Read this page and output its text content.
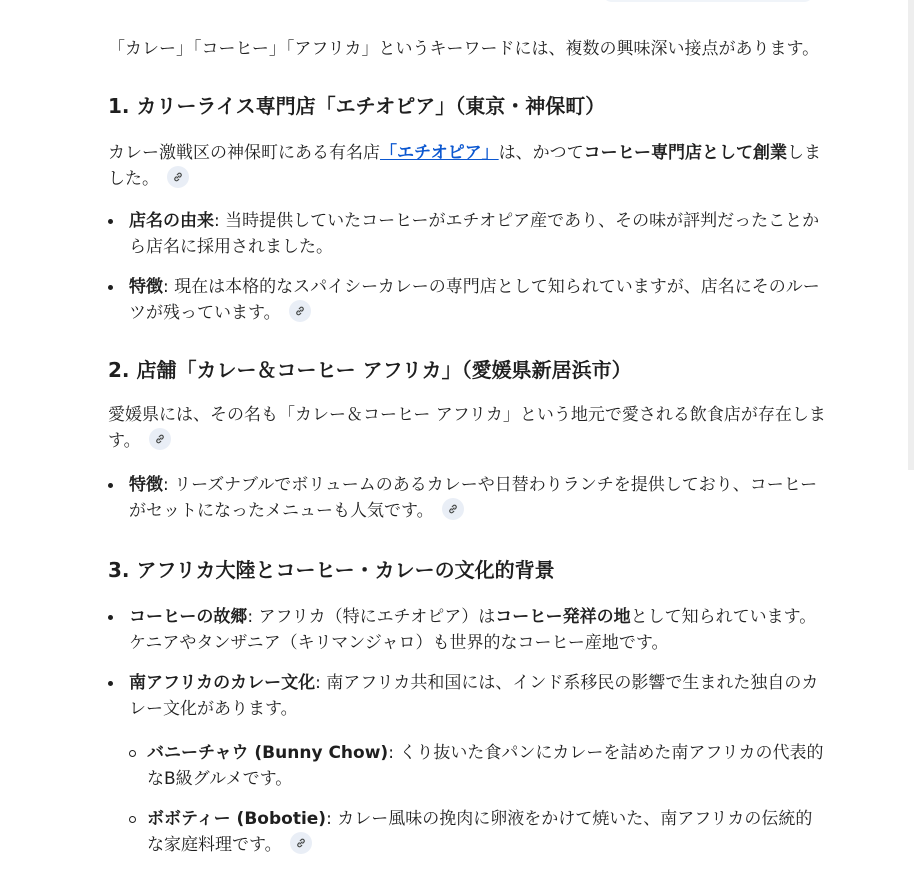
「カレー」「コーヒー」「アフリカ」というキーワードには、複数の興味深い接点があります。

1. カリーライス専門店「エチオピア」（東京・神保町）

カレー激戦区の神保町にある有名店「エチオピア」は、かつてコーヒー専門店として創業しました。

店名の由来: 当時提供していたコーヒーがエチオピア産であり、その味が評判だったことから店名に採用されました。
特徴: 現在は本格的なスパイシーカレーの専門店として知られていますが、店名にそのルーツが残っています。
2. 店舗「カレー＆コーヒー アフリカ」（愛媛県新居浜市）

愛媛県には、その名も「カレー＆コーヒー アフリカ」という地元で愛される飲食店が存在します。

特徴: リーズナブルでボリュームのあるカレーや日替わりランチを提供しており、コーヒーがセットになったメニューも人気です。
3. アフリカ大陸とコーヒー・カレーの文化的背景
コーヒーの故郷: アフリカ（特にエチオピア）はコーヒー発祥の地として知られています。ケニアやタンザニア（キリマンジャロ）も世界的なコーヒー産地です。
南アフリカのカレー文化: 南アフリカ共和国には、インド系移民の影響で生まれた独自のカレー文化があります。
バニーチャウ (Bunny Chow): くり抜いた食パンにカレーを詰めた南アフリカの代表的なB級グルメです。
ボボティー (Bobotie): カレー風味の挽肉に卵液をかけて焼いた、南アフリカの伝統的な家庭料理です。
